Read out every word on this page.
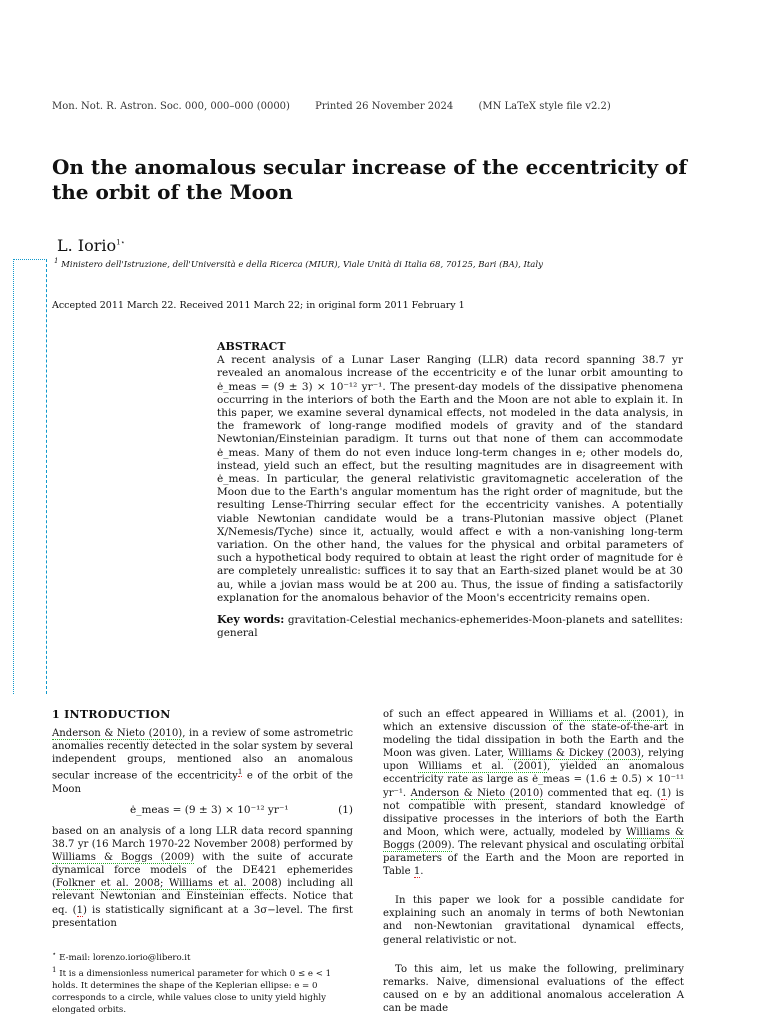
Mon. Not. R. Astron. Soc. 000, 000–000 (0000)	Printed 26 November 2024	(MN LaTeX style file v2.2)
On the anomalous secular increase of the eccentricity of the orbit of the Moon
L. Iorio$^{1⋆}$
$^1$ Ministero dell'Istruzione, dell'Università e della Ricerca (MIUR), Viale Unità di Italia 68, 70125, Bari (BA), Italy
Accepted 2011 March 22. Received 2011 March 22; in original form 2011 February 1
ABSTRACT

A recent analysis of a Lunar Laser Ranging (LLR) data record spanning 38.7 yr revealed an anomalous increase of the eccentricity e of the lunar orbit amounting to ė_meas = (9 ± 3) × 10⁻¹² yr⁻¹. The present-day models of the dissipative phenomena occurring in the interiors of both the Earth and the Moon are not able to explain it. In this paper, we examine several dynamical effects, not modeled in the data analysis, in the framework of long-range modified models of gravity and of the standard Newtonian/Einsteinian paradigm. It turns out that none of them can accommodate ė_meas. Many of them do not even induce long-term changes in e; other models do, instead, yield such an effect, but the resulting magnitudes are in disagreement with ė_meas. In particular, the general relativistic gravitomagnetic acceleration of the Moon due to the Earth's angular momentum has the right order of magnitude, but the resulting Lense-Thirring secular effect for the eccentricity vanishes. A potentially viable Newtonian candidate would be a trans-Plutonian massive object (Planet X/Nemesis/Tyche) since it, actually, would affect e with a non-vanishing long-term variation. On the other hand, the values for the physical and orbital parameters of such a hypothetical body required to obtain at least the right order of magnitude for ė are completely unrealistic: suffices it to say that an Earth-sized planet would be at 30 au, while a jovian mass would be at 200 au. Thus, the issue of finding a satisfactorily explanation for the anomalous behavior of the Moon's eccentricity remains open.

Key words: gravitation-Celestial mechanics-ephemerides-Moon-planets and satellites: general

1 INTRODUCTION

Anderson & Nieto (2010), in a review of some astrometric anomalies recently detected in the solar system by several independent groups, mentioned also an anomalous secular increase of the eccentricity$^1$ e of the orbit of the Moon

ė_meas = (9 ± 3) × 10⁻¹² yr⁻¹	(1)

based on an analysis of a long LLR data record spanning 38.7 yr (16 March 1970-22 November 2008) performed by Williams & Boggs (2009) with the suite of accurate dynamical force models of the DE421 ephemerides (Folkner et al. 2008; Williams et al. 2008) including all relevant Newtonian and Einsteinian effects. Notice that eq. (1) is statistically significant at a 3σ−level. The first presentation

⋆ E-mail: lorenzo.iorio@libero.it

$^1$ It is a dimensionless numerical parameter for which 0 ≤ e < 1 holds. It determines the shape of the Keplerian ellipse: e = 0 corresponds to a circle, while values close to unity yield highly elongated orbits.

of such an effect appeared in Williams et al. (2001), in which an extensive discussion of the state-of-the-art in modeling the tidal dissipation in both the Earth and the Moon was given. Later, Williams & Dickey (2003), relying upon Williams et al. (2001), yielded an anomalous eccentricity rate as large as ė_meas = (1.6 ± 0.5) × 10⁻¹¹ yr⁻¹. Anderson & Nieto (2010) commented that eq. (1) is not compatible with present, standard knowledge of dissipative processes in the interiors of both the Earth and Moon, which were, actually, modeled by Williams & Boggs (2009). The relevant physical and osculating orbital parameters of the Earth and the Moon are reported in Table 1.

In this paper we look for a possible candidate for explaining such an anomaly in terms of both Newtonian and non-Newtonian gravitational dynamical effects, general relativistic or not.

To this aim, let us make the following, preliminary remarks. Naive, dimensional evaluations of the effect caused on e by an additional anomalous acceleration A can be made
